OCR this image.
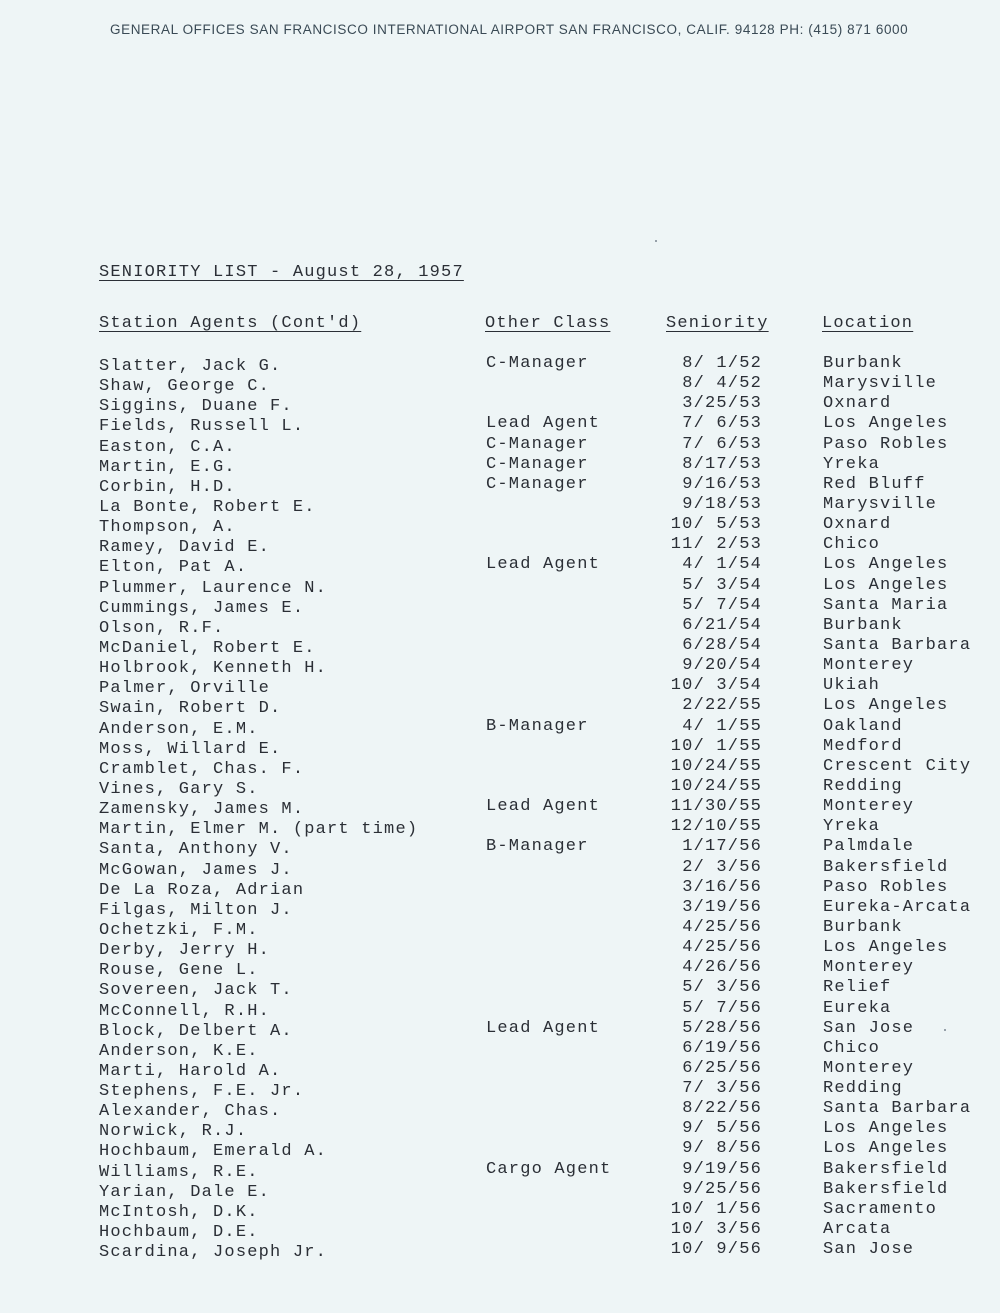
GENERAL OFFICES SAN FRANCISCO INTERNATIONAL AIRPORT SAN FRANCISCO, CALIF. 94128 PH: (415) 871 6000
SENIORITY LIST - August 28, 1957
Station Agents (Cont'd)	Other Class	Seniority	Location
Slatter, Jack G.	C-Manager	8/ 1/52	Burbank
Shaw, George C.	8/ 4/52	Marysville
Siggins, Duane F.	3/25/53	Oxnard
Fields, Russell L.	Lead Agent	7/ 6/53	Los Angeles
Easton, C.A.	C-Manager	7/ 6/53	Paso Robles
Martin, E.G.	C-Manager	8/17/53	Yreka
Corbin, H.D.	C-Manager	9/16/53	Red Bluff
La Bonte, Robert E.	9/18/53	Marysville
Thompson, A.	10/ 5/53	Oxnard
Ramey, David E.	11/ 2/53	Chico
Elton, Pat A.	Lead Agent	4/ 1/54	Los Angeles
Plummer, Laurence N.	5/ 3/54	Los Angeles
Cummings, James E.	5/ 7/54	Santa Maria
Olson, R.F.	6/21/54	Burbank
McDaniel, Robert E.	6/28/54	Santa Barbara
Holbrook, Kenneth H.	9/20/54	Monterey
Palmer, Orville	10/ 3/54	Ukiah
Swain, Robert D.	2/22/55	Los Angeles
Anderson, E.M.	B-Manager	4/ 1/55	Oakland
Moss, Willard E.	10/ 1/55	Medford
Cramblet, Chas. F.	10/24/55	Crescent City
Vines, Gary S.	10/24/55	Redding
Zamensky, James M.	Lead Agent	11/30/55	Monterey
Martin, Elmer M. (part time)	12/10/55	Yreka
Santa, Anthony V.	B-Manager	1/17/56	Palmdale
McGowan, James J.	2/ 3/56	Bakersfield
De La Roza, Adrian	3/16/56	Paso Robles
Filgas, Milton J.	3/19/56	Eureka-Arcata
Ochetzki, F.M.	4/25/56	Burbank
Derby, Jerry H.	4/25/56	Los Angeles
Rouse, Gene L.	4/26/56	Monterey
Sovereen, Jack T.	5/ 3/56	Relief
McConnell, R.H.	5/ 7/56	Eureka
Block, Delbert A.	Lead Agent	5/28/56	San Jose
Anderson, K.E.	6/19/56	Chico
Marti, Harold A.	6/25/56	Monterey
Stephens, F.E. Jr.	7/ 3/56	Redding
Alexander, Chas.	8/22/56	Santa Barbara
Norwick, R.J.	9/ 5/56	Los Angeles
Hochbaum, Emerald A.	9/ 8/56	Los Angeles
Williams, R.E.	Cargo Agent	9/19/56	Bakersfield
Yarian, Dale E.	9/25/56	Bakersfield
McIntosh, D.K.	10/ 1/56	Sacramento
Hochbaum, D.E.	10/ 3/56	Arcata
Scardina, Joseph Jr.	10/ 9/56	San Jose
